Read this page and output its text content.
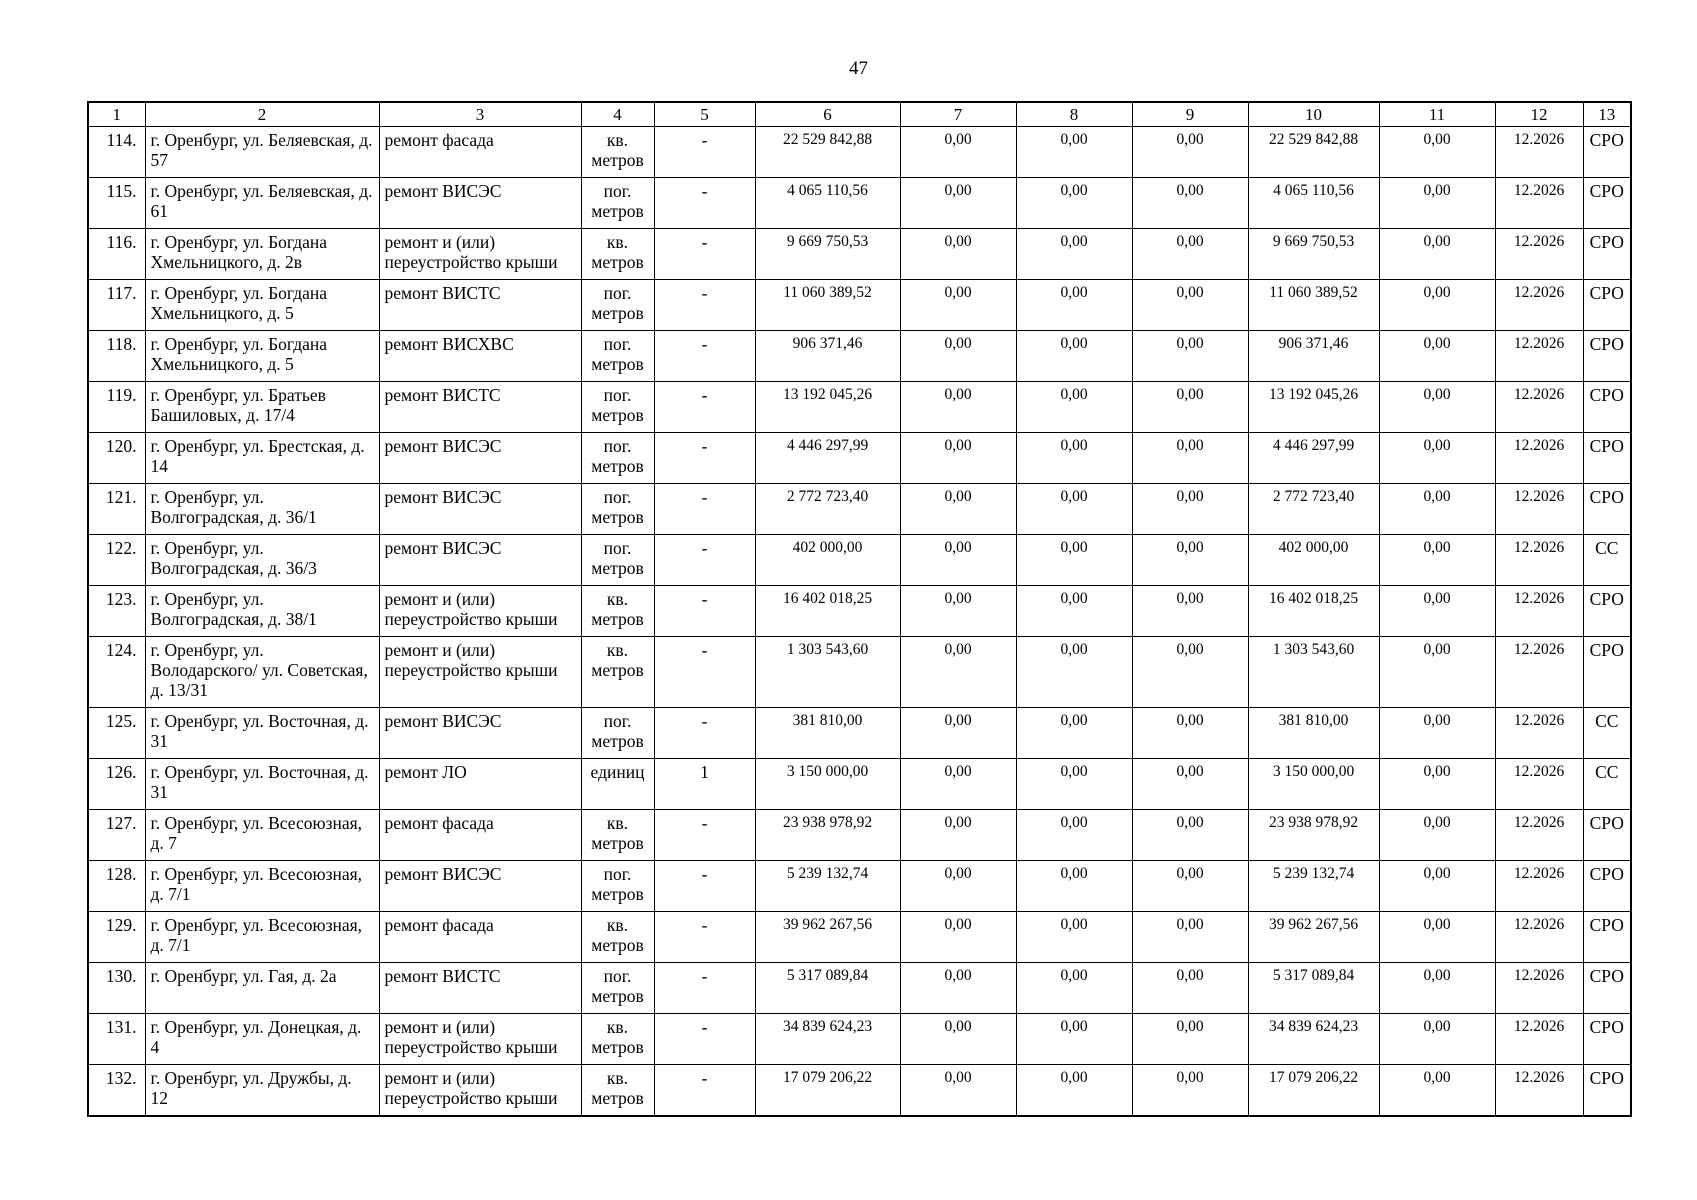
47
1	2	3	4	5	6	7	8	9	10	11	12	13
114.	г. Оренбург, ул. Беляевская, д. 57	ремонт фасада	кв. метров	-	22 529 842,88	0,00	0,00	0,00	22 529 842,88	0,00	12.2026	СРО
115.	г. Оренбург, ул. Беляевская, д. 61	ремонт ВИСЭС	пог. метров	-	4 065 110,56	0,00	0,00	0,00	4 065 110,56	0,00	12.2026	СРО
116.	г. Оренбург, ул. Богдана Хмельницкого, д. 2в	ремонт и (или) переустройство крыши	кв. метров	-	9 669 750,53	0,00	0,00	0,00	9 669 750,53	0,00	12.2026	СРО
117.	г. Оренбург, ул. Богдана Хмельницкого, д. 5	ремонт ВИСТС	пог. метров	-	11 060 389,52	0,00	0,00	0,00	11 060 389,52	0,00	12.2026	СРО
118.	г. Оренбург, ул. Богдана Хмельницкого, д. 5	ремонт ВИСХВС	пог. метров	-	906 371,46	0,00	0,00	0,00	906 371,46	0,00	12.2026	СРО
119.	г. Оренбург, ул. Братьев Башиловых, д. 17/4	ремонт ВИСТС	пог. метров	-	13 192 045,26	0,00	0,00	0,00	13 192 045,26	0,00	12.2026	СРО
120.	г. Оренбург, ул. Брестская, д. 14	ремонт ВИСЭС	пог. метров	-	4 446 297,99	0,00	0,00	0,00	4 446 297,99	0,00	12.2026	СРО
121.	г. Оренбург, ул. Волгоградская, д. 36/1	ремонт ВИСЭС	пог. метров	-	2 772 723,40	0,00	0,00	0,00	2 772 723,40	0,00	12.2026	СРО
122.	г. Оренбург, ул. Волгоградская, д. 36/3	ремонт ВИСЭС	пог. метров	-	402 000,00	0,00	0,00	0,00	402 000,00	0,00	12.2026	СС
123.	г. Оренбург, ул. Волгоградская, д. 38/1	ремонт и (или) переустройство крыши	кв. метров	-	16 402 018,25	0,00	0,00	0,00	16 402 018,25	0,00	12.2026	СРО
124.	г. Оренбург, ул. Володарского/ ул. Советская, д. 13/31	ремонт и (или) переустройство крыши	кв. метров	-	1 303 543,60	0,00	0,00	0,00	1 303 543,60	0,00	12.2026	СРО
125.	г. Оренбург, ул. Восточная, д. 31	ремонт ВИСЭС	пог. метров	-	381 810,00	0,00	0,00	0,00	381 810,00	0,00	12.2026	СС
126.	г. Оренбург, ул. Восточная, д. 31	ремонт ЛО	единиц	1	3 150 000,00	0,00	0,00	0,00	3 150 000,00	0,00	12.2026	СС
127.	г. Оренбург, ул. Всесоюзная, д. 7	ремонт фасада	кв. метров	-	23 938 978,92	0,00	0,00	0,00	23 938 978,92	0,00	12.2026	СРО
128.	г. Оренбург, ул. Всесоюзная, д. 7/1	ремонт ВИСЭС	пог. метров	-	5 239 132,74	0,00	0,00	0,00	5 239 132,74	0,00	12.2026	СРО
129.	г. Оренбург, ул. Всесоюзная, д. 7/1	ремонт фасада	кв. метров	-	39 962 267,56	0,00	0,00	0,00	39 962 267,56	0,00	12.2026	СРО
130.	г. Оренбург, ул. Гая, д. 2а	ремонт ВИСТС	пог. метров	-	5 317 089,84	0,00	0,00	0,00	5 317 089,84	0,00	12.2026	СРО
131.	г. Оренбург, ул. Донецкая, д. 4	ремонт и (или) переустройство крыши	кв. метров	-	34 839 624,23	0,00	0,00	0,00	34 839 624,23	0,00	12.2026	СРО
132.	г. Оренбург, ул. Дружбы, д. 12	ремонт и (или) переустройство крыши	кв. метров	-	17 079 206,22	0,00	0,00	0,00	17 079 206,22	0,00	12.2026	СРО
